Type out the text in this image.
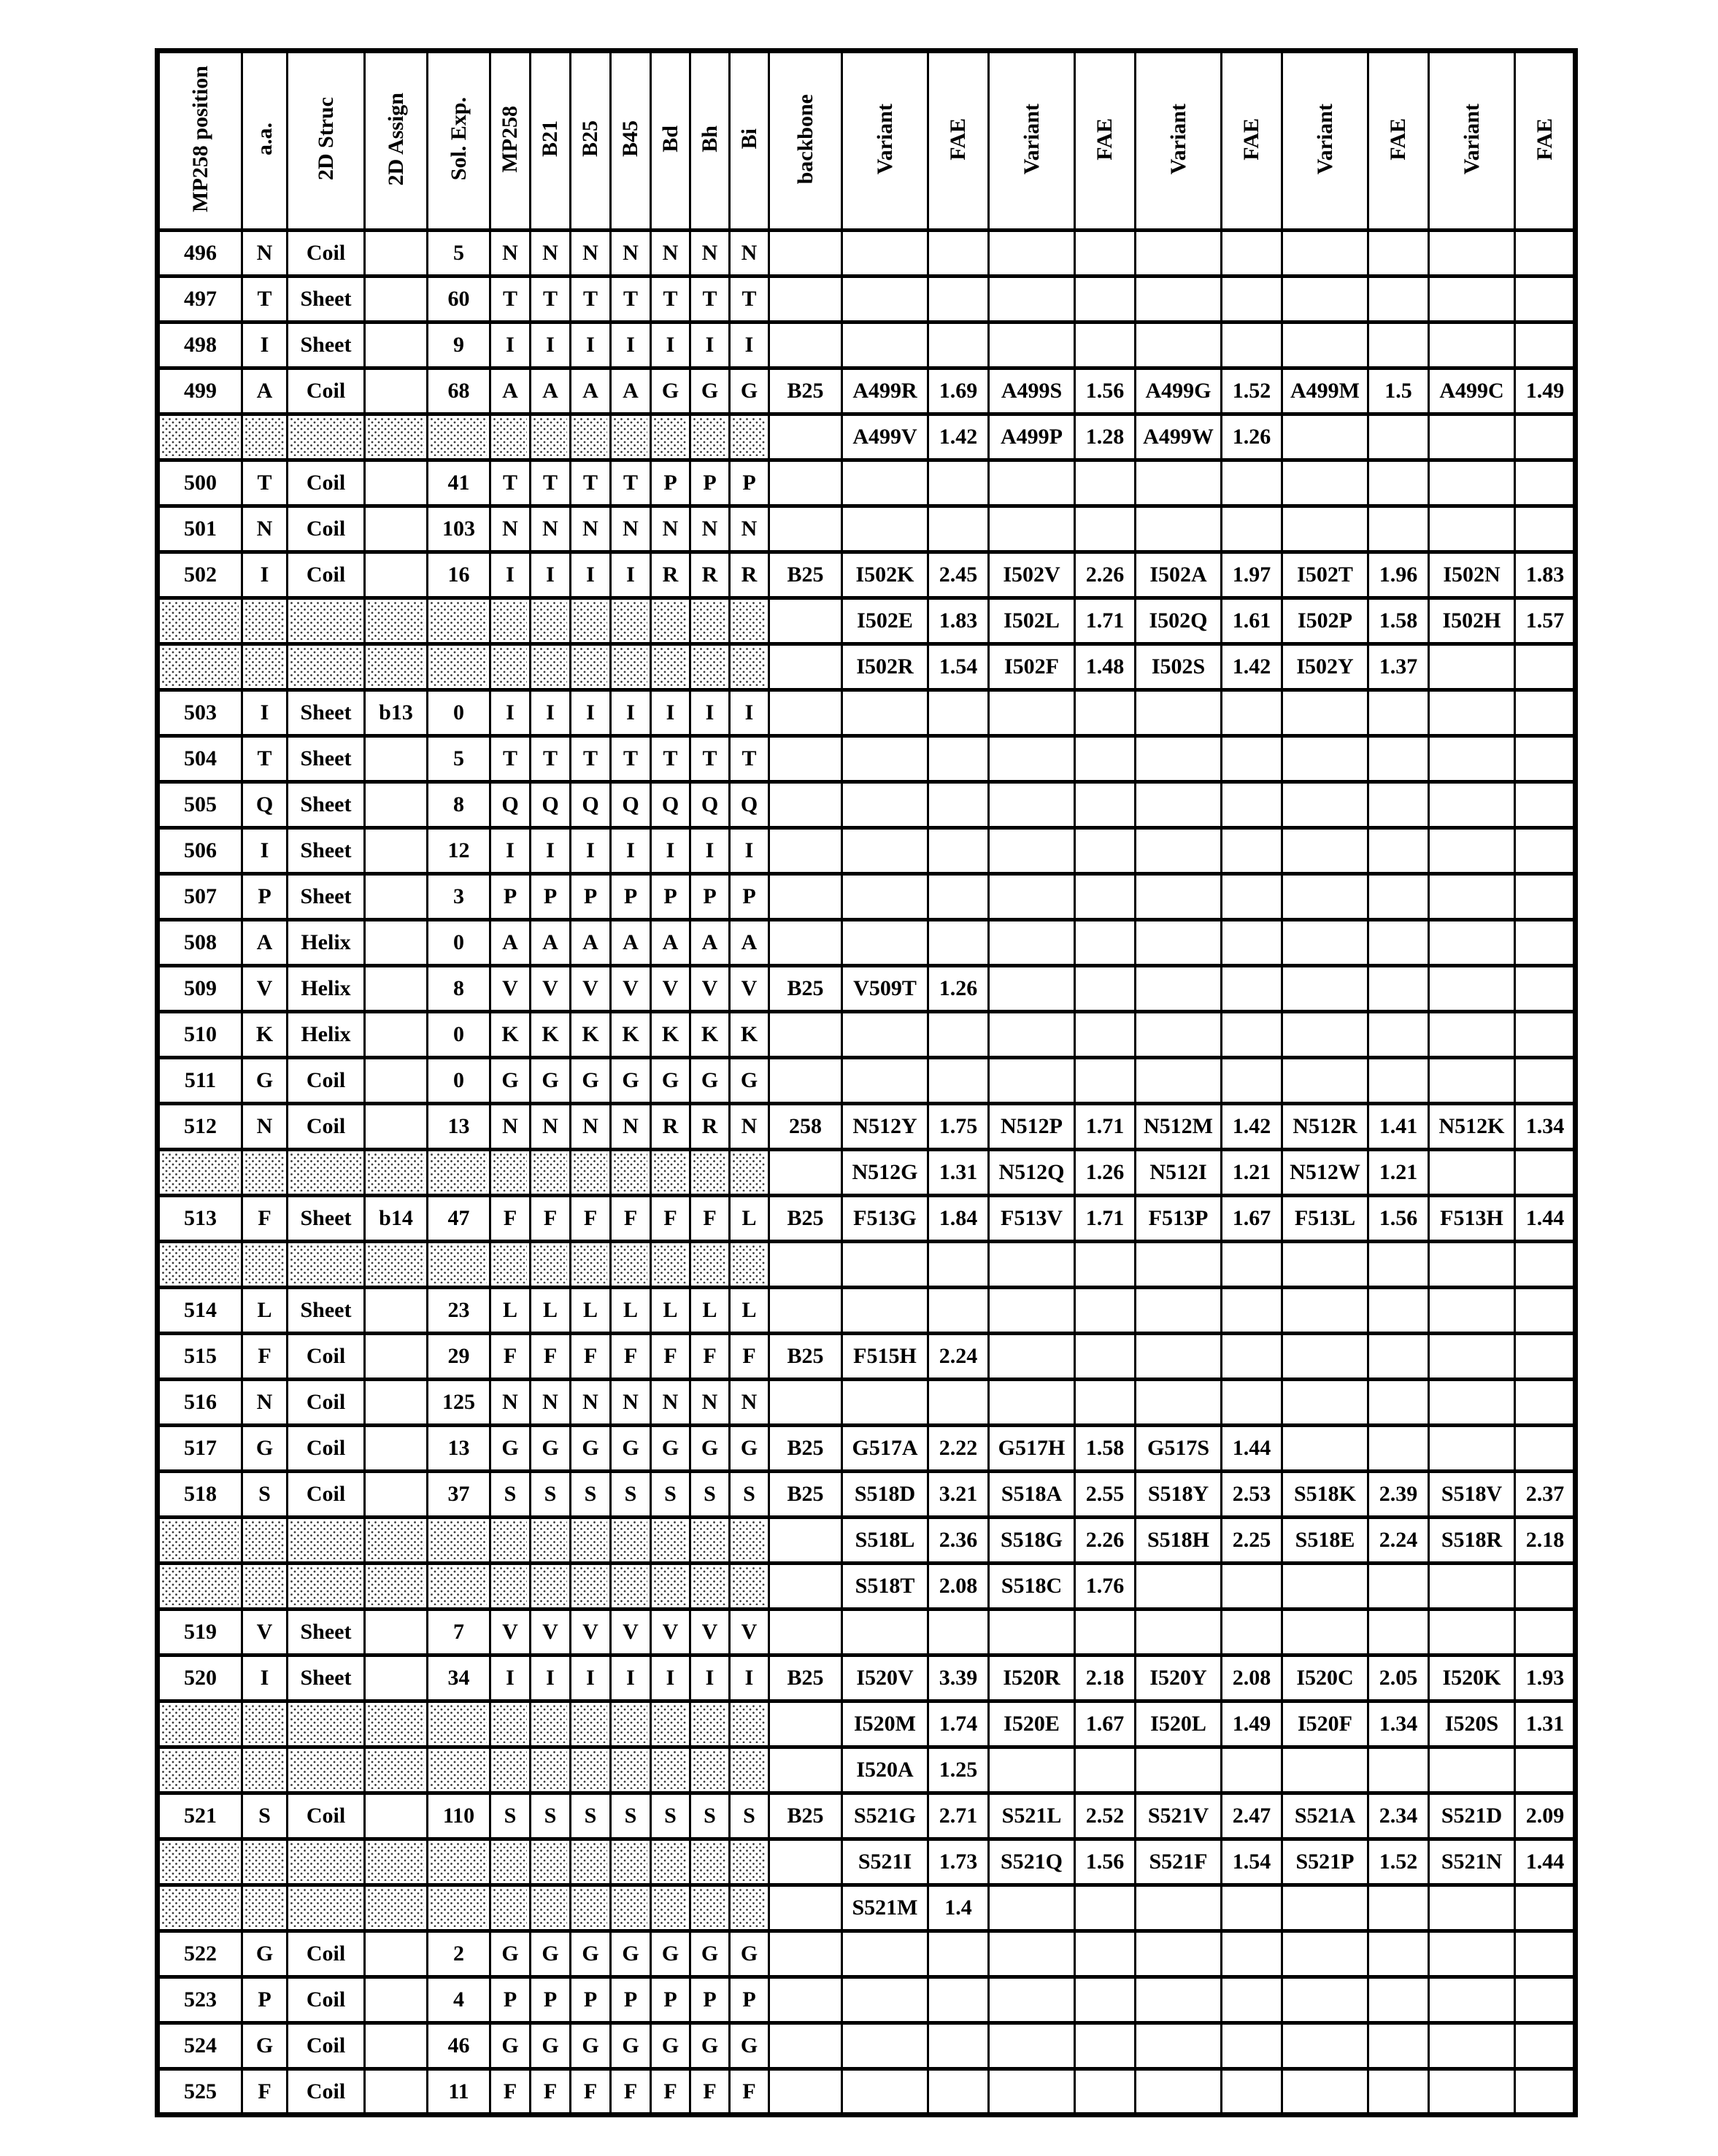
MP258 position	a.a.	2D Struc	2D Assign	Sol. Exp.	MP258	B21	B25	B45	Bd	Bh	Bi	backbone	Variant	FAE	Variant	FAE	Variant	FAE	Variant	FAE	Variant	FAE	
496	N	Coil		5	N	N	N	N	N	N	N												
497	T	Sheet		60	T	T	T	T	T	T	T												
498	I	Sheet		9	I	I	I	I	I	I	I												
499	A	Coil		68	A	A	A	A	G	G	G	B25	A499R	1.69	A499S	1.56	A499G	1.52	A499M	1.5	A499C	1.49	
													A499V	1.42	A499P	1.28	A499W	1.26					
500	T	Coil		41	T	T	T	T	P	P	P												
501	N	Coil		103	N	N	N	N	N	N	N												
502	I	Coil		16	I	I	I	I	R	R	R	B25	I502K	2.45	I502V	2.26	I502A	1.97	I502T	1.96	I502N	1.83	
													I502E	1.83	I502L	1.71	I502Q	1.61	I502P	1.58	I502H	1.57	
													I502R	1.54	I502F	1.48	I502S	1.42	I502Y	1.37			
503	I	Sheet	b13	0	I	I	I	I	I	I	I												
504	T	Sheet		5	T	T	T	T	T	T	T												
505	Q	Sheet		8	Q	Q	Q	Q	Q	Q	Q												
506	I	Sheet		12	I	I	I	I	I	I	I												
507	P	Sheet		3	P	P	P	P	P	P	P												
508	A	Helix		0	A	A	A	A	A	A	A												
509	V	Helix		8	V	V	V	V	V	V	V	B25	V509T	1.26									
510	K	Helix		0	K	K	K	K	K	K	K												
511	G	Coil		0	G	G	G	G	G	G	G												
512	N	Coil		13	N	N	N	N	R	R	N	258	N512Y	1.75	N512P	1.71	N512M	1.42	N512R	1.41	N512K	1.34	
													N512G	1.31	N512Q	1.26	N512I	1.21	N512W	1.21			
513	F	Sheet	b14	47	F	F	F	F	F	F	L	B25	F513G	1.84	F513V	1.71	F513P	1.67	F513L	1.56	F513H	1.44	

514	L	Sheet		23	L	L	L	L	L	L	L												
515	F	Coil		29	F	F	F	F	F	F	F	B25	F515H	2.24									
516	N	Coil		125	N	N	N	N	N	N	N												
517	G	Coil		13	G	G	G	G	G	G	G	B25	G517A	2.22	G517H	1.58	G517S	1.44					
518	S	Coil		37	S	S	S	S	S	S	S	B25	S518D	3.21	S518A	2.55	S518Y	2.53	S518K	2.39	S518V	2.37	
													S518L	2.36	S518G	2.26	S518H	2.25	S518E	2.24	S518R	2.18	
													S518T	2.08	S518C	1.76							
519	V	Sheet		7	V	V	V	V	V	V	V												
520	I	Sheet		34	I	I	I	I	I	I	I	B25	I520V	3.39	I520R	2.18	I520Y	2.08	I520C	2.05	I520K	1.93	
													I520M	1.74	I520E	1.67	I520L	1.49	I520F	1.34	I520S	1.31	
													I520A	1.25									
521	S	Coil		110	S	S	S	S	S	S	S	B25	S521G	2.71	S521L	2.52	S521V	2.47	S521A	2.34	S521D	2.09	
													S521I	1.73	S521Q	1.56	S521F	1.54	S521P	1.52	S521N	1.44	
													S521M	1.4									
522	G	Coil		2	G	G	G	G	G	G	G												
523	P	Coil		4	P	P	P	P	P	P	P												
524	G	Coil		46	G	G	G	G	G	G	G												
525	F	Coil		11	F	F	F	F	F	F	F												
